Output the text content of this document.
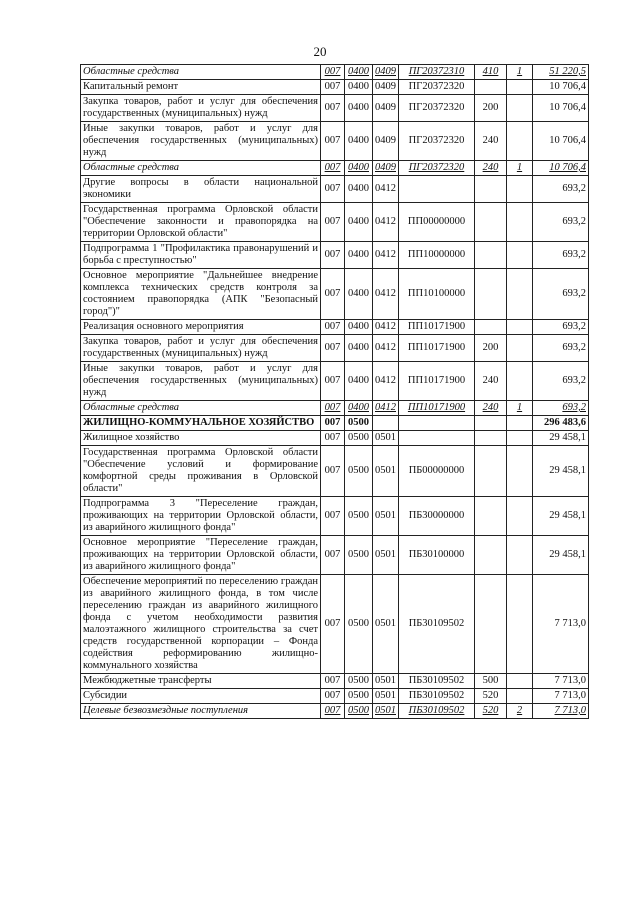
20
Областные средства	007	0400	0409	ПГ20372310	410	1	51 220,5
Капитальный ремонт	007	0400	0409	ПГ20372320			10 706,4
Закупка товаров, работ и услуг для обеспечения государственных (муниципальных) нужд	007	0400	0409	ПГ20372320	200		10 706,4
Иные закупки товаров, работ и услуг для обеспечения государственных (муниципальных) нужд	007	0400	0409	ПГ20372320	240		10 706,4
Областные средства	007	0400	0409	ПГ20372320	240	1	10 706,4
Другие вопросы в области национальной экономики	007	0400	0412				693,2
Государственная программа Орловской области "Обеспечение законности и правопорядка на территории Орловской области"	007	0400	0412	ПП00000000			693,2
Подпрограмма 1 "Профилактика правонарушений и борьба с преступностью"	007	0400	0412	ПП10000000			693,2
Основное мероприятие "Дальнейшее внедрение комплекса технических средств контроля за состоянием правопорядка (АПК "Безопасный город")"	007	0400	0412	ПП10100000			693,2
Реализация основного мероприятия	007	0400	0412	ПП10171900			693,2
Закупка товаров, работ и услуг для обеспечения государственных (муниципальных) нужд	007	0400	0412	ПП10171900	200		693,2
Иные закупки товаров, работ и услуг для обеспечения государственных (муниципальных) нужд	007	0400	0412	ПП10171900	240		693,2
Областные средства	007	0400	0412	ПП10171900	240	1	693,2
ЖИЛИЩНО-КОММУНАЛЬНОЕ ХОЗЯЙСТВО	007	0500					296 483,6
Жилищное хозяйство	007	0500	0501				29 458,1
Государственная программа Орловской области "Обеспечение условий и формирование комфортной среды проживания в Орловской области"	007	0500	0501	ПБ00000000			29 458,1
Подпрограмма 3 "Переселение граждан, проживающих на территории Орловской области, из аварийного жилищного фонда"	007	0500	0501	ПБ30000000			29 458,1
Основное мероприятие "Переселение граждан, проживающих на территории Орловской области, из аварийного жилищного фонда"	007	0500	0501	ПБ30100000			29 458,1
Обеспечение мероприятий по переселению граждан из аварийного жилищного фонда, в том числе переселению граждан из аварийного жилищного фонда с учетом необходимости развития малоэтажного жилищного строительства за счет средств государственной корпорации – Фонда содействия реформированию жилищно-коммунального хозяйства	007	0500	0501	ПБ30109502			7 713,0
Межбюджетные трансферты	007	0500	0501	ПБ30109502	500		7 713,0
Субсидии	007	0500	0501	ПБ30109502	520		7 713,0
Целевые безвозмездные поступления	007	0500	0501	ПБ30109502	520	2	7 713,0
